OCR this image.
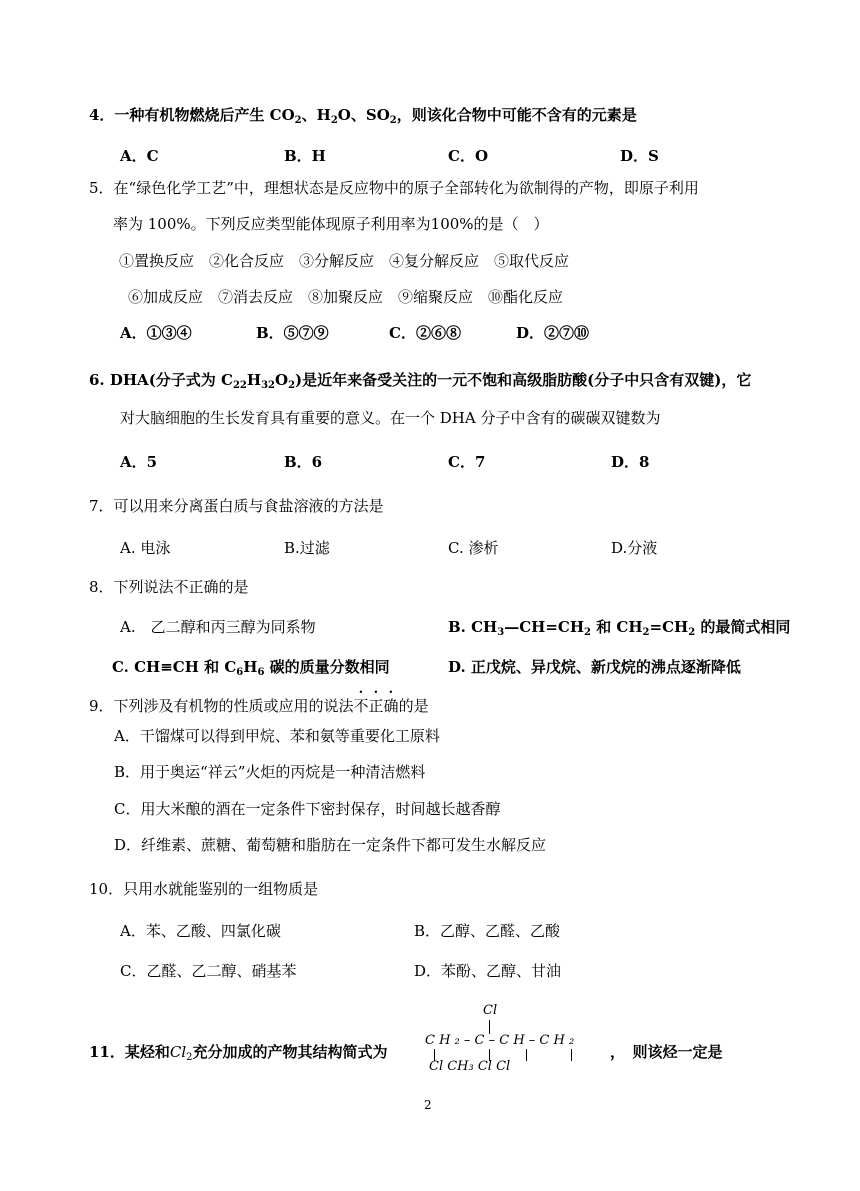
4．一种有机物燃烧后产生 $CO_2$、$H_2O$、$SO_2$，则该化合物中可能不含有的元素是
A．C	B．H	C．O	D．S
5．在“绿色化学工艺”中，理想状态是反应物中的原子全部转化为欲制得的产物，即原子利用
率为 100%。下列反应类型能体现原子利用率为100%的是（　）
①置换反应　②化合反应　③分解反应　④复分解反应　⑤取代反应
⑥加成反应　⑦消去反应　⑧加聚反应　⑨缩聚反应　⑩酯化反应
A．①③④	B．⑤⑦⑨	C．②⑥⑧	D．②⑦⑩
6. DHA(分子式为 $C_{22}H_{32}O_2$)是近年来备受关注的一元不饱和高级脂肪酸(分子中只含有双键)，它
对大脑细胞的生长发育具有重要的意义。在一个 DHA 分子中含有的碳碳双键数为
A．5	B．6	C．7	D．8
7．可以用来分离蛋白质与食盐溶液的方法是
A. 电泳	B.过滤	C. 渗析	D.分液
8．下列说法不正确的是
A.　乙二醇和丙三醇为同系物	B. $CH_3—CH=CH_2$ 和 $CH_2=CH_2$ 的最简式相同
C. CH≡CH 和 $C_6H_6$ 碳的质量分数相同	D. 正戊烷、异戊烷、新戊烷的沸点逐渐降低
9．下列涉及有机物的性质或应用的说法不正确的是
A．干馏煤可以得到甲烷、苯和氨等重要化工原料
B．用于奥运“祥云”火炬的丙烷是一种清洁燃料
C．用大米酿的酒在一定条件下密封保存，时间越长越香醇
D．纤维素、蔗糖、葡萄糖和脂肪在一定条件下都可发生水解反应
10．只用水就能鉴别的一组物质是
A．苯、乙酸、四氯化碳	B．乙醇、乙醛、乙酸
C．乙醛、乙二醇、硝基苯	D．苯酚、乙醇、甘油
11．某烃和$Cl_2$充分加成的产物其结构简式为
Cl
C H ₂ – C – C H – C H ₂
Cl CH₃ Cl Cl
，　则该烃一定是
2
